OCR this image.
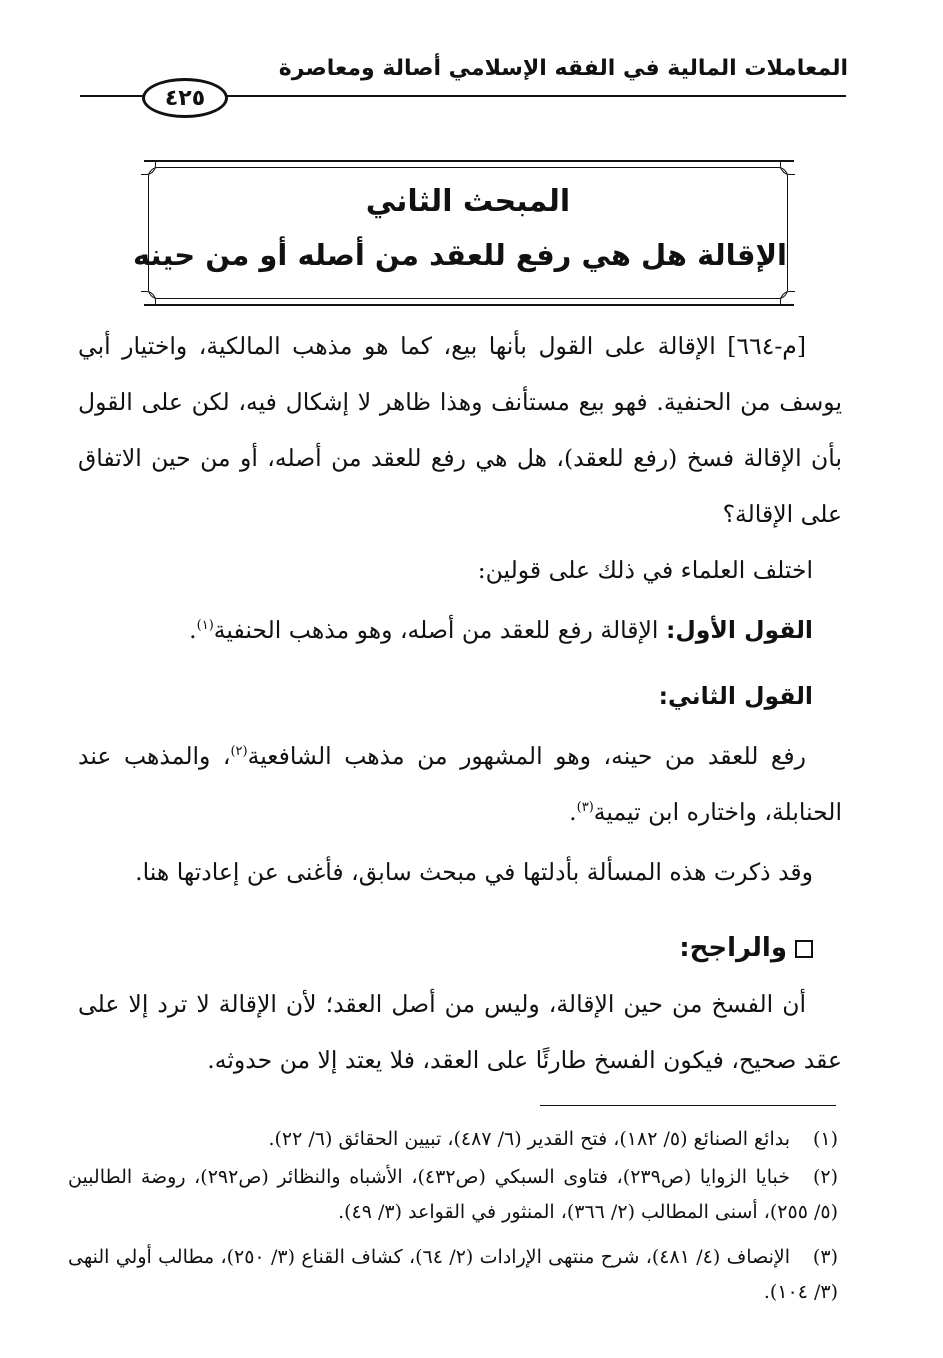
المعاملات المالية في الفقه الإسلامي أصالة ومعاصرة
٤٢٥
المبحث الثاني
الإقالة هل هي رفع للعقد من أصله أو من حينه
[م-٦٦٤] الإقالة على القول بأنها بيع، كما هو مذهب المالكية، واختيار أبي يوسف من الحنفية. فهو بيع مستأنف وهذا ظاهر لا إشكال فيه، لكن على القول بأن الإقالة فسخ (رفع للعقد)، هل هي رفع للعقد من أصله، أو من حين الاتفاق على الإقالة؟
اختلف العلماء في ذلك على قولين:
القول الأول: الإقالة رفع للعقد من أصله، وهو مذهب الحنفية$^{(١)}$.
القول الثاني:
رفع للعقد من حينه، وهو المشهور من مذهب الشافعية$^{(٢)}$، والمذهب عند الحنابلة، واختاره ابن تيمية$^{(٣)}$.
وقد ذكرت هذه المسألة بأدلتها في مبحث سابق، فأغنى عن إعادتها هنا.
والراجح:
أن الفسخ من حين الإقالة، وليس من أصل العقد؛ لأن الإقالة لا ترد إلا على عقد صحيح، فيكون الفسخ طارئًا على العقد، فلا يعتد إلا من حدوثه.
(١)بدائع الصنائع (٥/ ١٨٢)، فتح القدير (٦/ ٤٨٧)، تبيين الحقائق (٦/ ٢٢).
(٢)خبايا الزوايا (ص٢٣٩)، فتاوى السبكي (ص٤٣٢)، الأشباه والنظائر (ص٢٩٢)، روضة الطالبين (٥/ ٢٥٥)، أسنى المطالب (٢/ ٣٦٦)، المنثور في القواعد (٣/ ٤٩).
(٣)الإنصاف (٤/ ٤٨١)، شرح منتهى الإرادات (٢/ ٦٤)، كشاف القناع (٣/ ٢٥٠)، مطالب أولي النهى (٣/ ١٠٤).
